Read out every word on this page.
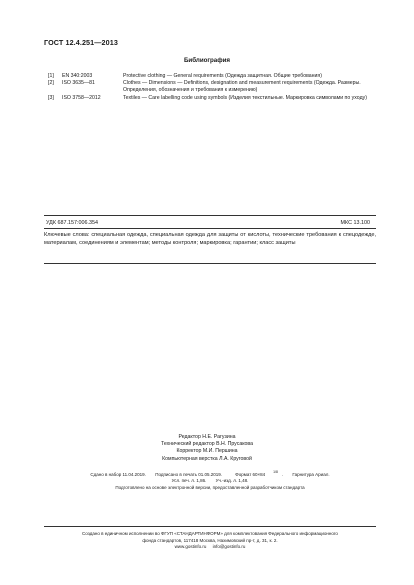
ГОСТ 12.4.251—2013
Библиография
[1]	EN 340:2003	Protective clothing — General requirements (Одежда защитная. Общие требования)
[2]	ISO 3635—81	Clothes — Dimensions — Definitions, designation and measurement requirements (Одежда. Размеры. Определения, обозначения и требования к измерению)
[3]	ISO 3758—2012	Textiles — Care labelling code using symbols (Изделия текстильные. Маркировка символами по уходу)
УДК 687.157:006.354	МКС 13.100
Ключевые слова: специальная одежда, специальная одежда для защиты от кислоты, технические требования к спецодежде, материалам, соединениям и элементам; методы контроля; маркировка; гарантии; класс защиты
Редактор Н.Е. Рагузина
Технический редактор В.Н. Прусакова
Корректор М.И. Першина
Компьютерная верстка Л.А. Круговой
Сдано в набор 11.04.2019. Подписано в печать 01.05.2019.	Формат 60×84 1/8 . Гарнитура Ариал.
Усл. печ. л. 1,86. Уч.-изд. л. 1,48.
Подготовлено на основе электронной версии, предоставленной разработчиком стандарта
Создано в единичном исполнении во ФГУП «СТАНДАРТИНФОРМ» для комплектования Федерального информационного
фонда стандартов, 117418 Москва, Нахимовский пр-т, д. 31, к. 2.
www.gostinfo.ru info@gostinfo.ru
